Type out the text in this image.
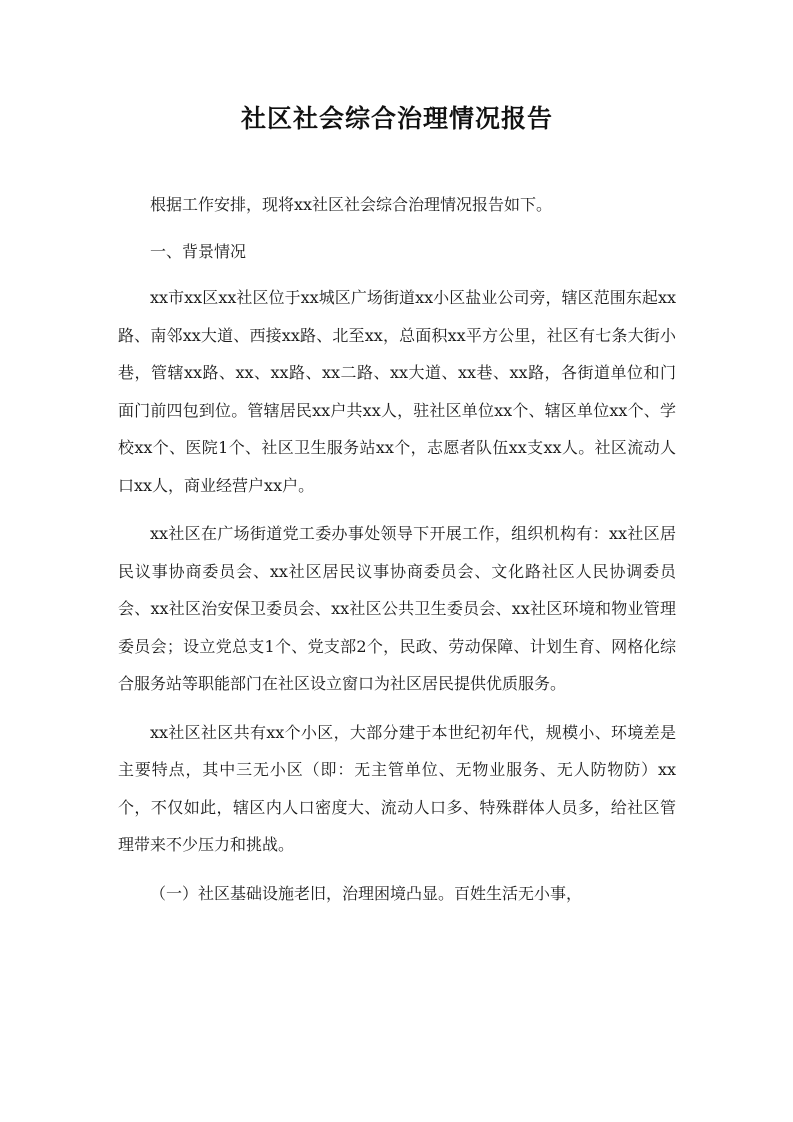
社区社会综合治理情况报告

根据工作安排，现将xx社区社会综合治理情况报告如下。

一、背景情况

xx市xx区xx社区位于xx城区广场街道xx小区盐业公司旁，辖区范围东起xx路、南邻xx大道、西接xx路、北至xx，总面积xx平方公里，社区有七条大街小巷，管辖xx路、xx、xx路、xx二路、xx大道、xx巷、xx路，各街道单位和门面门前四包到位。管辖居民xx户共xx人，驻社区单位xx个、辖区单位xx个、学校xx个、医院1个、社区卫生服务站xx个，志愿者队伍xx支xx人。社区流动人口xx人，商业经营户xx户。

xx社区在广场街道党工委办事处领导下开展工作，组织机构有：xx社区居民议事协商委员会、xx社区居民议事协商委员会、文化路社区人民协调委员会、xx社区治安保卫委员会、xx社区公共卫生委员会、xx社区环境和物业管理委员会；设立党总支1个、党支部2个，民政、劳动保障、计划生育、网格化综合服务站等职能部门在社区设立窗口为社区居民提供优质服务。

xx社区社区共有xx个小区，大部分建于本世纪初年代，规模小、环境差是主要特点，其中三无小区（即：无主管单位、无物业服务、无人防物防）xx个，不仅如此，辖区内人口密度大、流动人口多、特殊群体人员多，给社区管理带来不少压力和挑战。

（一）社区基础设施老旧，治理困境凸显。百姓生活无小事，
